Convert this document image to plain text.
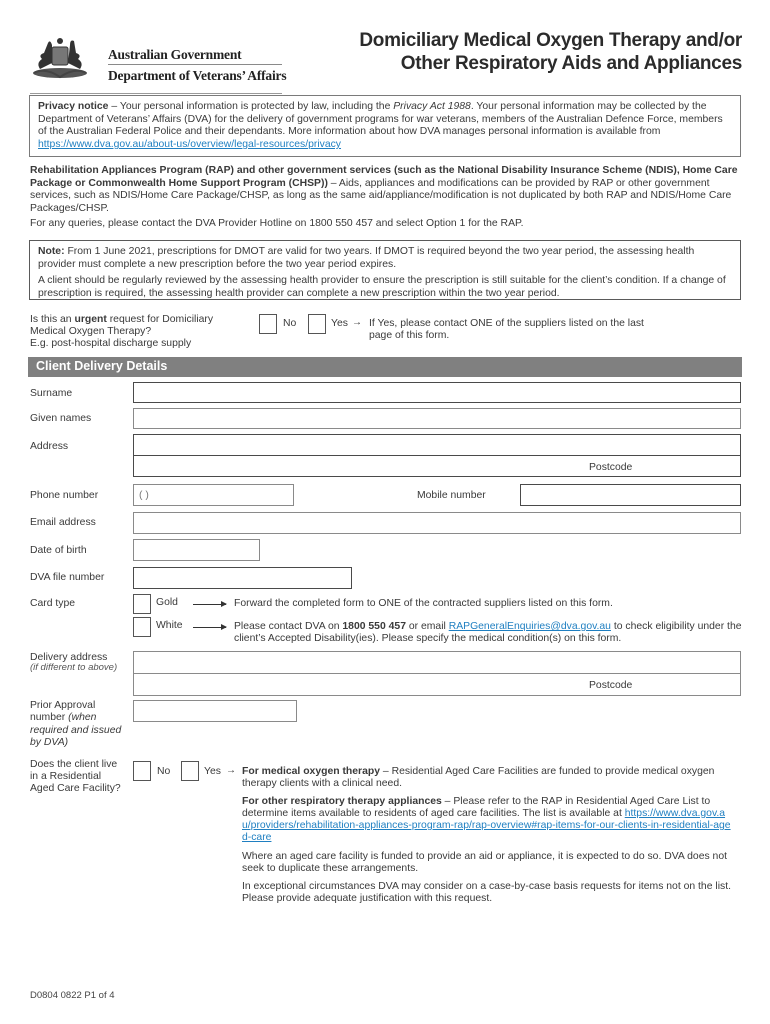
Australian Government
Department of Veterans’ Affairs
Domiciliary Medical Oxygen Therapy and/or
Other Respiratory Aids and Appliances

Privacy notice – Your personal information is protected by law, including the Privacy Act 1988. Your personal information may be collected by the Department of Veterans’ Affairs (DVA) for the delivery of government programs for war veterans, members of the Australian Defence Force, members of the Australian Federal Police and their dependants. More information about how DVA manages personal information is available from https://www.dva.gov.au/about-us/overview/legal-resources/privacy

Rehabilitation Appliances Program (RAP) and other government services (such as the National Disability Insurance Scheme (NDIS), Home Care Package or Commonwealth Home Support Program (CHSP)) – Aids, appliances and modifications can be provided by RAP or other government services, such as NDIS/Home Care Package/CHSP, as long as the same aid/appliance/modification is not duplicated by both RAP and NDIS/Home Care Packages/CHSP.

For any queries, please contact the DVA Provider Hotline on 1800 550 457 and select Option 1 for the RAP.

Note: From 1 June 2021, prescriptions for DMOT are valid for two years. If DMOT is required beyond the two year period, the assessing health provider must complete a new prescription before the two year period expires.

A client should be regularly reviewed by the assessing health provider to ensure the prescription is still suitable for the client’s condition. If a change of prescription is required, the assessing health provider can complete a new prescription within the two year period.

Is this an urgent request for Domiciliary Medical Oxygen Therapy?
E.g. post-hospital discharge supply
No	Yes → If Yes, please contact ONE of the suppliers listed on the last page of this form.
Client Delivery Details
Surname
Given names
Address
Postcode
Phone number	( )	Mobile number
Email address
Date of birth
DVA file number
Card type	Gold	Forward the completed form to ONE of the contracted suppliers listed on this form.
White	Please contact DVA on 1800 550 457 or email RAPGeneralEnquiries@dva.gov.au to check eligibility under the client’s Accepted Disability(ies). Please specify the medical condition(s) on this form.
Delivery address
(if different to above)
Postcode
Prior Approval number (when required and issued by DVA)
Does the client live in a Residential Aged Care Facility?
No	Yes → For medical oxygen therapy – Residential Aged Care Facilities are funded to provide medical oxygen therapy clients with a clinical need.

For other respiratory therapy appliances – Please refer to the RAP in Residential Aged Care List to determine items available to residents of aged care facilities. The list is available at https://www.dva.gov.au/providers/rehabilitation-appliances-program-rap/rap-overview#rap-items-for-our-clients-in-residential-aged-care

Where an aged care facility is funded to provide an aid or appliance, it is expected to do so. DVA does not seek to duplicate these arrangements.

In exceptional circumstances DVA may consider on a case-by-case basis requests for items not on the list. Please provide adequate justification with this request.

D0804 0822 P1 of 4
